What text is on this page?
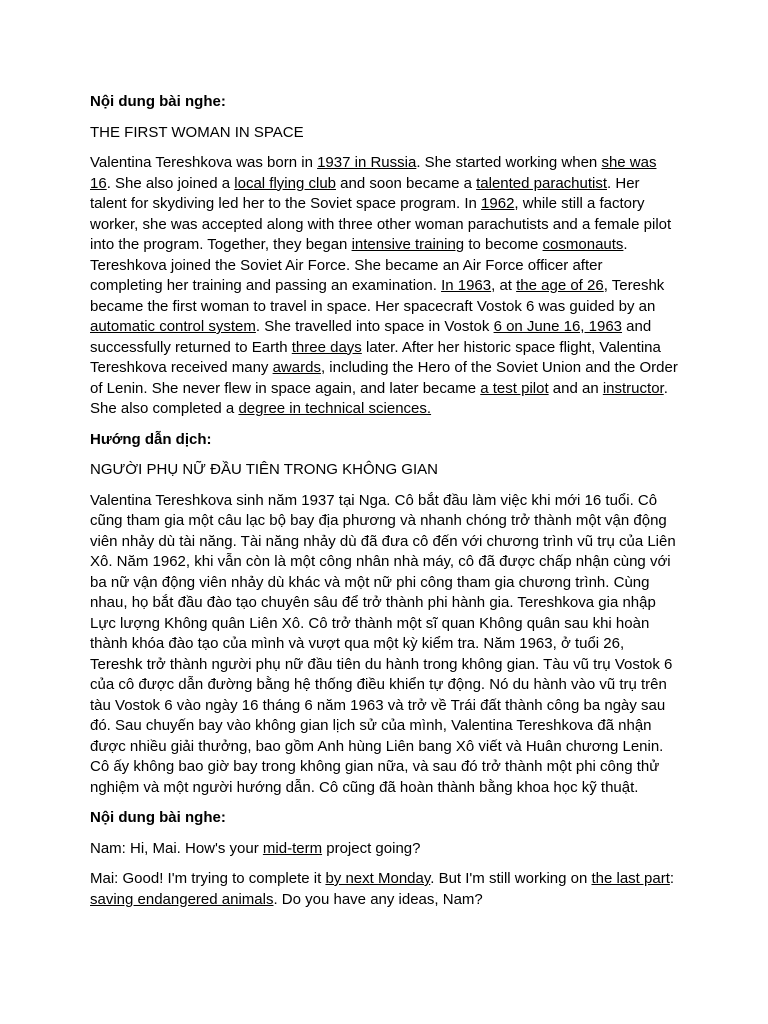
Nội dung bài nghe:

THE FIRST WOMAN IN SPACE

Valentina Tereshkova was born in 1937 in Russia. She started working when she was 16. She also joined a local flying club and soon became a talented parachutist. Her talent for skydiving led her to the Soviet space program. In 1962, while still a factory worker, she was accepted along with three other woman parachutists and a female pilot into the program. Together, they began intensive training to become cosmonauts. Tereshkova joined the Soviet Air Force. She became an Air Force officer after completing her training and passing an examination. In 1963, at the age of 26, Tereshk became the first woman to travel in space. Her spacecraft Vostok 6 was guided by an automatic control system. She travelled into space in Vostok 6 on June 16, 1963 and successfully returned to Earth three days later. After her historic space flight, Valentina Tereshkova received many awards, including the Hero of the Soviet Union and the Order of Lenin. She never flew in space again, and later became a test pilot and an instructor. She also completed a degree in technical sciences.

Hướng dẫn dịch:

NGƯỜI PHỤ NỮ ĐẦU TIÊN TRONG KHÔNG GIAN

Valentina Tereshkova sinh năm 1937 tại Nga. Cô bắt đầu làm việc khi mới 16 tuổi. Cô cũng tham gia một câu lạc bộ bay địa phương và nhanh chóng trở thành một vận động viên nhảy dù tài năng. Tài năng nhảy dù đã đưa cô đến với chương trình vũ trụ của Liên Xô. Năm 1962, khi vẫn còn là một công nhân nhà máy, cô đã được chấp nhận cùng với ba nữ vận động viên nhảy dù khác và một nữ phi công tham gia chương trình. Cùng nhau, họ bắt đầu đào tạo chuyên sâu để trở thành phi hành gia. Tereshkova gia nhập Lực lượng Không quân Liên Xô. Cô trở thành một sĩ quan Không quân sau khi hoàn thành khóa đào tạo của mình và vượt qua một kỳ kiểm tra. Năm 1963, ở tuổi 26, Tereshk trở thành người phụ nữ đầu tiên du hành trong không gian. Tàu vũ trụ Vostok 6 của cô được dẫn đường bằng hệ thống điều khiển tự động. Nó du hành vào vũ trụ trên tàu Vostok 6 vào ngày 16 tháng 6 năm 1963 và trở về Trái đất thành công ba ngày sau đó. Sau chuyến bay vào không gian lịch sử của mình, Valentina Tereshkova đã nhận được nhiều giải thưởng, bao gồm Anh hùng Liên bang Xô viết và Huân chương Lenin. Cô ấy không bao giờ bay trong không gian nữa, và sau đó trở thành một phi công thử nghiệm và một người hướng dẫn. Cô cũng đã hoàn thành bằng khoa học kỹ thuật.

Nội dung bài nghe:

Nam: Hi, Mai. How's your mid-term project going?

Mai: Good! I'm trying to complete it by next Monday. But I'm still working on the last part: saving endangered animals. Do you have any ideas, Nam?
